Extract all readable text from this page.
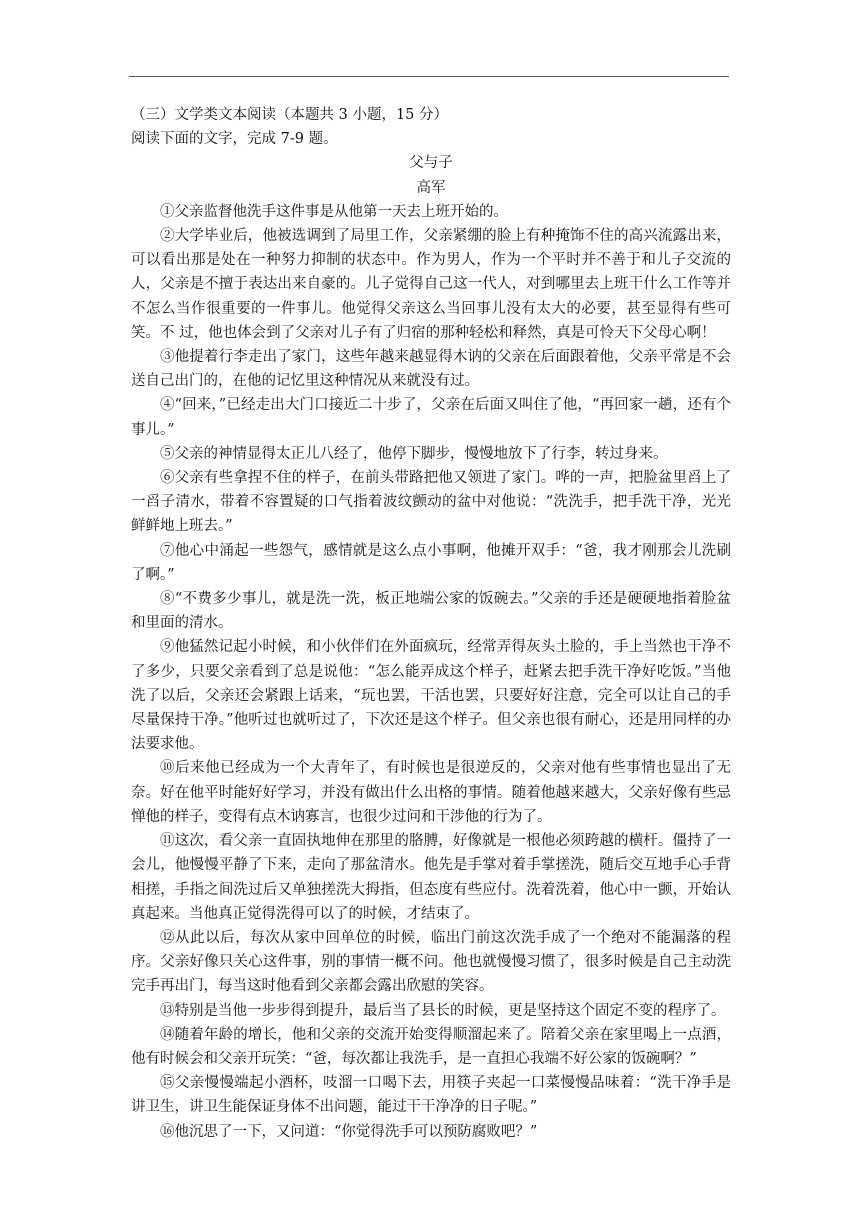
（三）文学类文本阅读（本题共 3 小题，15 分）

阅读下面的文字，完成 7-9 题。

父与子

高军

①父亲监督他洗手这件事是从他第一天去上班开始的。

②大学毕业后，他被选调到了局里工作，父亲紧绷的脸上有种掩饰不住的高兴流露出来，可以看出那是处在一种努力抑制的状态中。作为男人，作为一个平时并不善于和儿子交流的人，父亲是不擅于表达出来自豪的。儿子觉得自己这一代人，对到哪里去上班干什么工作等并不怎么当作很重要的一件事儿。他觉得父亲这么当回事儿没有太大的必要，甚至显得有些可笑。不 过，他也体会到了父亲对儿子有了归宿的那种轻松和释然，真是可怜天下父母心啊！

③他提着行李走出了家门，这些年越来越显得木讷的父亲在后面跟着他，父亲平常是不会送自己出门的，在他的记忆里这种情况从来就没有过。

④“回来，”已经走出大门口接近二十步了，父亲在后面又叫住了他，“再回家一趟，还有个事儿。”

⑤父亲的神情显得太正儿八经了，他停下脚步，慢慢地放下了行李，转过身来。

⑥父亲有些拿捏不住的样子，在前头带路把他又领进了家门。哗的一声，把脸盆里舀上了一舀子清水，带着不容置疑的口气指着波纹颤动的盆中对他说：“洗洗手，把手洗干净，光光鲜鲜地上班去。”

⑦他心中涌起一些怨气，感情就是这么点小事啊，他摊开双手：“爸，我才刚那会儿洗刷了啊。”

⑧“不费多少事儿，就是洗一洗，板正地端公家的饭碗去。”父亲的手还是硬硬地指着脸盆和里面的清水。

⑨他猛然记起小时候，和小伙伴们在外面疯玩，经常弄得灰头土脸的，手上当然也干净不了多少，只要父亲看到了总是说他：“怎么能弄成这个样子，赶紧去把手洗干净好吃饭。”当他洗了以后，父亲还会紧跟上话来，“玩也罢，干活也罢，只要好好注意，完全可以让自己的手尽量保持干净。”他听过也就听过了，下次还是这个样子。但父亲也很有耐心，还是用同样的办法要求他。

⑩后来他已经成为一个大青年了，有时候也是很逆反的，父亲对他有些事情也显出了无奈。好在他平时能好好学习，并没有做出什么出格的事情。随着他越来越大，父亲好像有些忌惮他的样子，变得有点木讷寡言，也很少过问和干涉他的行为了。

⑪这次，看父亲一直固执地伸在那里的胳膊，好像就是一根他必须跨越的横杆。僵持了一会儿，他慢慢平静了下来，走向了那盆清水。他先是手掌对着手掌搓洗，随后交互地手心手背相搓，手指之间洗过后又单独搓洗大拇指，但态度有些应付。洗着洗着，他心中一颤，开始认真起来。当他真正觉得洗得可以了的时候，才结束了。

⑫从此以后，每次从家中回单位的时候，临出门前这次洗手成了一个绝对不能漏落的程序。父亲好像只关心这件事，别的事情一概不问。他也就慢慢习惯了，很多时候是自己主动洗完手再出门，每当这时他看到父亲都会露出欣慰的笑容。

⑬特别是当他一步步得到提升，最后当了县长的时候，更是坚持这个固定不变的程序了。

⑭随着年龄的增长，他和父亲的交流开始变得顺溜起来了。陪着父亲在家里喝上一点酒，他有时候会和父亲开玩笑：“爸，每次都让我洗手，是一直担心我端不好公家的饭碗啊？”

⑮父亲慢慢端起小酒杯，吱溜一口喝下去，用筷子夹起一口菜慢慢品味着：“洗干净手是讲卫生，讲卫生能保证身体不出问题，能过干干净净的日子呢。”

⑯他沉思了一下，又问道：“你觉得洗手可以预防腐败吧？”
